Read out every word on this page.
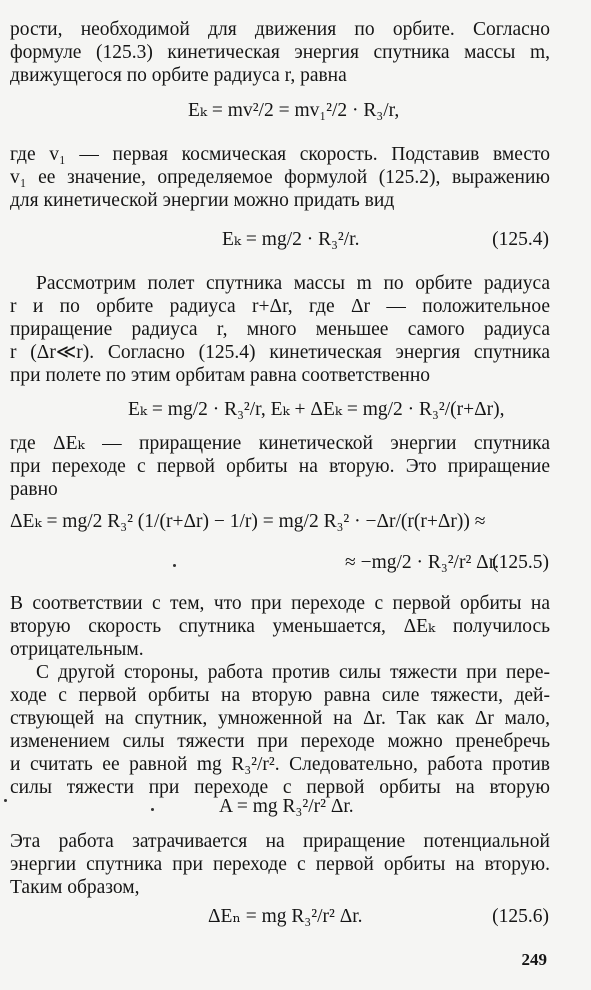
рости, необходимой для движения по орбите. Согласно
формуле (125.3) кинетическая энергия спутника массы m,
движущегося по орбите радиуса r, равна
Eₖ = mv²/2 = mv₁²/2 · R₃/r,
где v₁ — первая космическая скорость. Подставив вместо
v₁ ее значение, определяемое формулой (125.2), выражению
для кинетической энергии можно придать вид
Eₖ = mg/2 · R₃²/r.	(125.4)
Рассмотрим полет спутника массы m по орбите радиуса
r и по орбите радиуса r+Δr, где Δr — положительное
приращение радиуса r, много меньшее самого радиуса
r (Δr≪r). Согласно (125.4) кинетическая энергия спутника
при полете по этим орбитам равна соответственно
Eₖ = mg/2 · R₃²/r, Eₖ + ΔEₖ = mg/2 · R₃²/(r+Δr),
где ΔEₖ — приращение кинетической энергии спутника
при переходе с первой орбиты на вторую. Это приращение
равно
ΔEₖ = mg/2 R₃² (1/(r+Δr) − 1/r) = mg/2 R₃² · −Δr/(r(r+Δr)) ≈
≈ −mg/2 · R₃²/r² Δr.
(125.5)
В соответствии с тем, что при переходе с первой орбиты на
вторую скорость спутника уменьшается, ΔEₖ получилось
отрицательным.
С другой стороны, работа против силы тяжести при пере-
ходе с первой орбиты на вторую равна силе тяжести, дей-
ствующей на спутник, умноженной на Δr. Так как Δr мало,
изменением силы тяжести при переходе можно пренебречь
и считать ее равной mg R₃²/r². Следовательно, работа против
силы тяжести при переходе с первой орбиты на вторую
A = mg R₃²/r² Δr.
Эта работа затрачивается на приращение потенциальной
энергии спутника при переходе с первой орбиты на вторую.
Таким образом,
ΔEₙ = mg R₃²/r² Δr.	(125.6)
249
